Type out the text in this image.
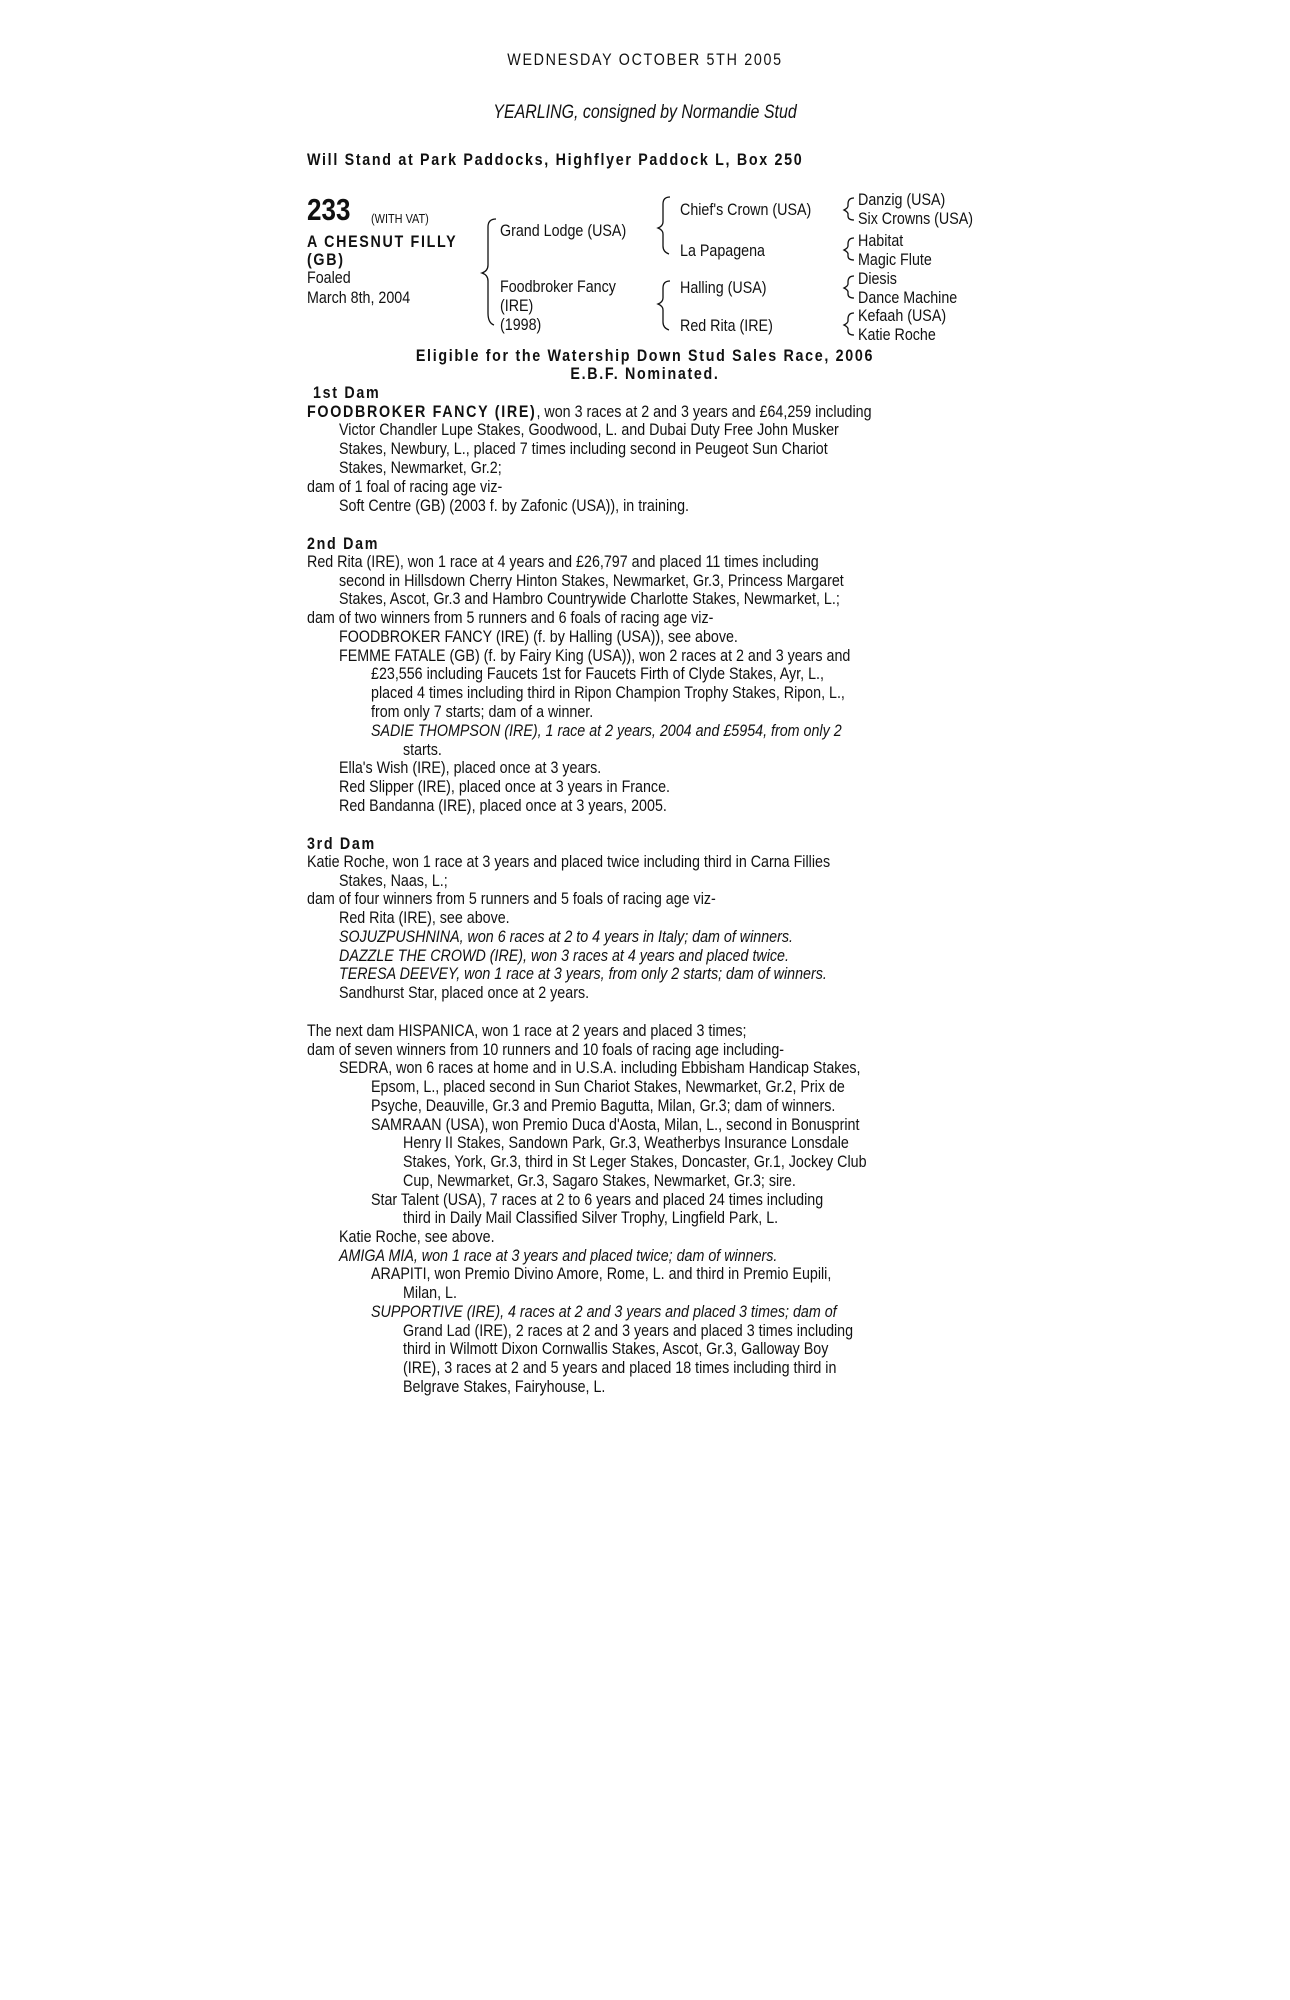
WEDNESDAY OCTOBER 5TH 2005
YEARLING, consigned by Normandie Stud
Will Stand at Park Paddocks, Highflyer Paddock L, Box 250
233 (WITH VAT)
A CHESNUT FILLY
(GB)
Foaled
March 8th, 2004
Grand Lodge (USA)
Foodbroker Fancy
(IRE)
(1998)
Chief's Crown (USA)
La Papagena
Halling (USA)
Red Rita (IRE)
Danzig (USA)
Six Crowns (USA)
Habitat
Magic Flute
Diesis
Dance Machine
Kefaah (USA)
Katie Roche
Eligible for the Watership Down Stud Sales Race, 2006
E.B.F. Nominated.
1st Dam
FOODBROKER FANCY (IRE), won 3 races at 2 and 3 years and £64,259 including
Victor Chandler Lupe Stakes, Goodwood, L. and Dubai Duty Free John Musker
Stakes, Newbury, L., placed 7 times including second in Peugeot Sun Chariot
Stakes, Newmarket, Gr.2;
dam of 1 foal of racing age viz-
Soft Centre (GB) (2003 f. by Zafonic (USA)), in training.
2nd Dam
Red Rita (IRE), won 1 race at 4 years and £26,797 and placed 11 times including
second in Hillsdown Cherry Hinton Stakes, Newmarket, Gr.3, Princess Margaret
Stakes, Ascot, Gr.3 and Hambro Countrywide Charlotte Stakes, Newmarket, L.;
dam of two winners from 5 runners and 6 foals of racing age viz-
FOODBROKER FANCY (IRE) (f. by Halling (USA)), see above.
FEMME FATALE (GB) (f. by Fairy King (USA)), won 2 races at 2 and 3 years and
£23,556 including Faucets 1st for Faucets Firth of Clyde Stakes, Ayr, L.,
placed 4 times including third in Ripon Champion Trophy Stakes, Ripon, L.,
from only 7 starts; dam of a winner.
SADIE THOMPSON (IRE), 1 race at 2 years, 2004 and £5954, from only 2
starts.
Ella's Wish (IRE), placed once at 3 years.
Red Slipper (IRE), placed once at 3 years in France.
Red Bandanna (IRE), placed once at 3 years, 2005.
3rd Dam
Katie Roche, won 1 race at 3 years and placed twice including third in Carna Fillies
Stakes, Naas, L.;
dam of four winners from 5 runners and 5 foals of racing age viz-
Red Rita (IRE), see above.
SOJUZPUSHNINA, won 6 races at 2 to 4 years in Italy; dam of winners.
DAZZLE THE CROWD (IRE), won 3 races at 4 years and placed twice.
TERESA DEEVEY, won 1 race at 3 years, from only 2 starts; dam of winners.
Sandhurst Star, placed once at 2 years.
The next dam HISPANICA, won 1 race at 2 years and placed 3 times;
dam of seven winners from 10 runners and 10 foals of racing age including-
SEDRA, won 6 races at home and in U.S.A. including Ebbisham Handicap Stakes,
Epsom, L., placed second in Sun Chariot Stakes, Newmarket, Gr.2, Prix de
Psyche, Deauville, Gr.3 and Premio Bagutta, Milan, Gr.3; dam of winners.
SAMRAAN (USA), won Premio Duca d'Aosta, Milan, L., second in Bonusprint
Henry II Stakes, Sandown Park, Gr.3, Weatherbys Insurance Lonsdale
Stakes, York, Gr.3, third in St Leger Stakes, Doncaster, Gr.1, Jockey Club
Cup, Newmarket, Gr.3, Sagaro Stakes, Newmarket, Gr.3; sire.
Star Talent (USA), 7 races at 2 to 6 years and placed 24 times including
third in Daily Mail Classified Silver Trophy, Lingfield Park, L.
Katie Roche, see above.
AMIGA MIA, won 1 race at 3 years and placed twice; dam of winners.
ARAPITI, won Premio Divino Amore, Rome, L. and third in Premio Eupili,
Milan, L.
SUPPORTIVE (IRE), 4 races at 2 and 3 years and placed 3 times; dam of
Grand Lad (IRE), 2 races at 2 and 3 years and placed 3 times including
third in Wilmott Dixon Cornwallis Stakes, Ascot, Gr.3, Galloway Boy
(IRE), 3 races at 2 and 5 years and placed 18 times including third in
Belgrave Stakes, Fairyhouse, L.
